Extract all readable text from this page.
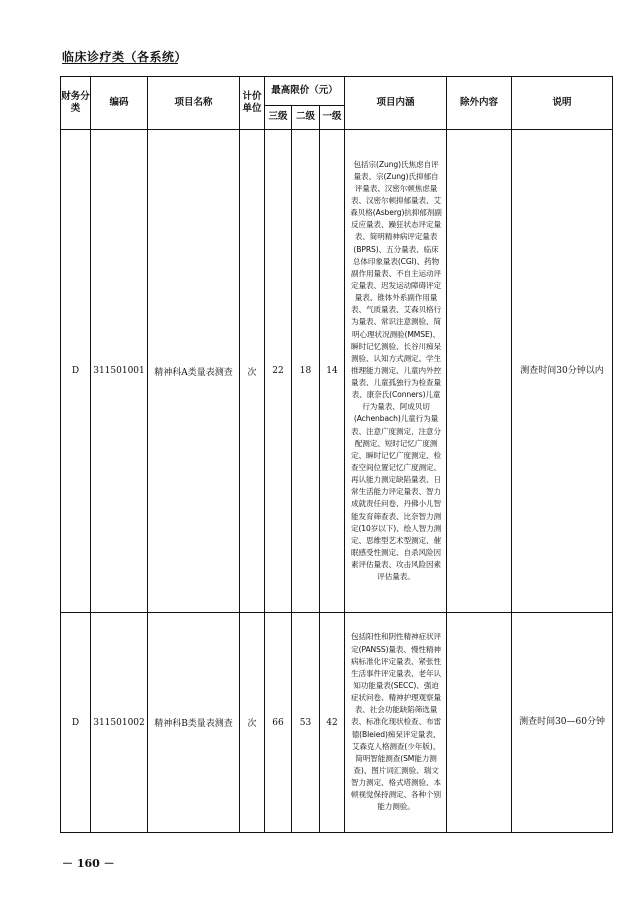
临床诊疗类（各系统）
财务分类	编码	项目名称	计价单位	最高限价（元）			项目内涵	除外内容	说明
				三级	二级	一级			
D	311501001	精神科A类量表测查	次	22	18	14	包括宗(Zung)氏焦虑自评量表、宗(Zung)氏抑郁自评量表、汉密尔顿焦虑量表、汉密尔顿抑郁量表、艾森贝格(Asberg)抗抑郁剂副反应量表、躁狂状态评定量表、简明精神病评定量表(BPRS)、五分量表、临床总体印象量表(CGI)、药物副作用量表、不自主运动评定量表、迟发运动障碍评定量表、锥体外系副作用量表、气质量表、艾森贝格行为量表、常识注意测验、简明心理状况测验(MMSE)、瞬时记忆测验、长谷川痴呆测验、认知方式测定、学生推理能力测定、儿童内外控量表、儿童孤独行为检查量表、康奈氏(Conners)儿童行为量表、阿成贝切(Achenbach)儿童行为量表、注意广度测定、注意分配测定、短时记忆广度测定、瞬时记忆广度测定、检查空间位置记忆广度测定、再认能力测定缺陷量表、日常生活能力评定量表、智力成就责任问卷、丹佛小儿智能发育筛查表、比奈智力测定(10岁以下)、绘人智力测定、思维型艺术型测定、催眠感受性测定、自杀风险因素评估量表、攻击风险因素评估量表。		测查时间30分钟以内
D	311501002	精神科B类量表测查	次	66	53	42	包括阳性和阴性精神症状评定(PANSS)量表、慢性精神病标准化评定量表、紧张性生活事件评定量表、老年认知功能量表(SECC)、强迫症状问卷、精神护理观察量表、社会功能缺陷筛选量表、标准化现状检查、布雷德(Bleied)痴呆评定量表、艾森克人格测查(少年版)、简明智能测查(SM能力测查)、图片词汇测验、瑞文智力测定、格式塔测验、本顿视觉保持测定、各种个别能力测验。		测查时间30—60分钟
－ 160 －
